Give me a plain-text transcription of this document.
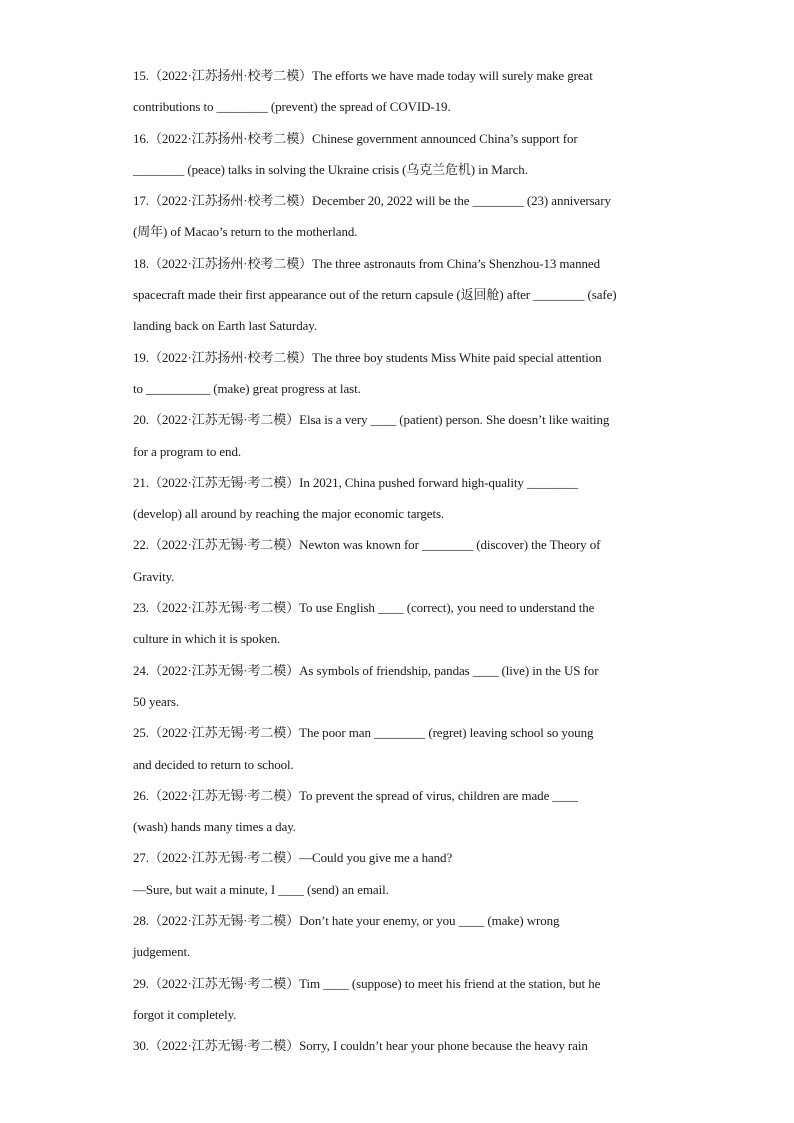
15.（2022·江苏扬州·校考二模）The efforts we have made today will surely make great
contributions to ________ (prevent) the spread of COVID-19.
16.（2022·江苏扬州·校考二模）Chinese government announced China’s support for
________ (peace) talks in solving the Ukraine crisis (乌克兰危机) in March.
17.（2022·江苏扬州·校考二模）December 20, 2022 will be the ________ (23) anniversary
(周年) of Macao’s return to the motherland.
18.（2022·江苏扬州·校考二模）The three astronauts from China’s Shenzhou-13 manned
spacecraft made their first appearance out of the return capsule (返回舱) after ________ (safe)
landing back on Earth last Saturday.
19.（2022·江苏扬州·校考二模）The three boy students Miss White paid special attention
to __________ (make) great progress at last.
20.（2022·江苏无锡·考二模）Elsa is a very ____ (patient) person. She doesn’t like waiting
for a program to end.
21.（2022·江苏无锡·考二模）In 2021, China pushed forward high-quality ________
(develop) all around by reaching the major economic targets.
22.（2022·江苏无锡·考二模）Newton was known for ________ (discover) the Theory of
Gravity.
23.（2022·江苏无锡·考二模）To use English ____ (correct), you need to understand the
culture in which it is spoken.
24.（2022·江苏无锡·考二模）As symbols of friendship, pandas ____ (live) in the US for
50 years.
25.（2022·江苏无锡·考二模）The poor man ________ (regret) leaving school so young
and decided to return to school.
26.（2022·江苏无锡·考二模）To prevent the spread of virus, children are made ____
(wash) hands many times a day.
27.（2022·江苏无锡·考二模）—Could you give me a hand?
—Sure, but wait a minute, I ____ (send) an email.
28.（2022·江苏无锡·考二模）Don’t hate your enemy, or you ____ (make) wrong
judgement.
29.（2022·江苏无锡·考二模）Tim ____ (suppose) to meet his friend at the station, but he
forgot it completely.
30.（2022·江苏无锡·考二模）Sorry, I couldn’t hear your phone because the heavy rain
